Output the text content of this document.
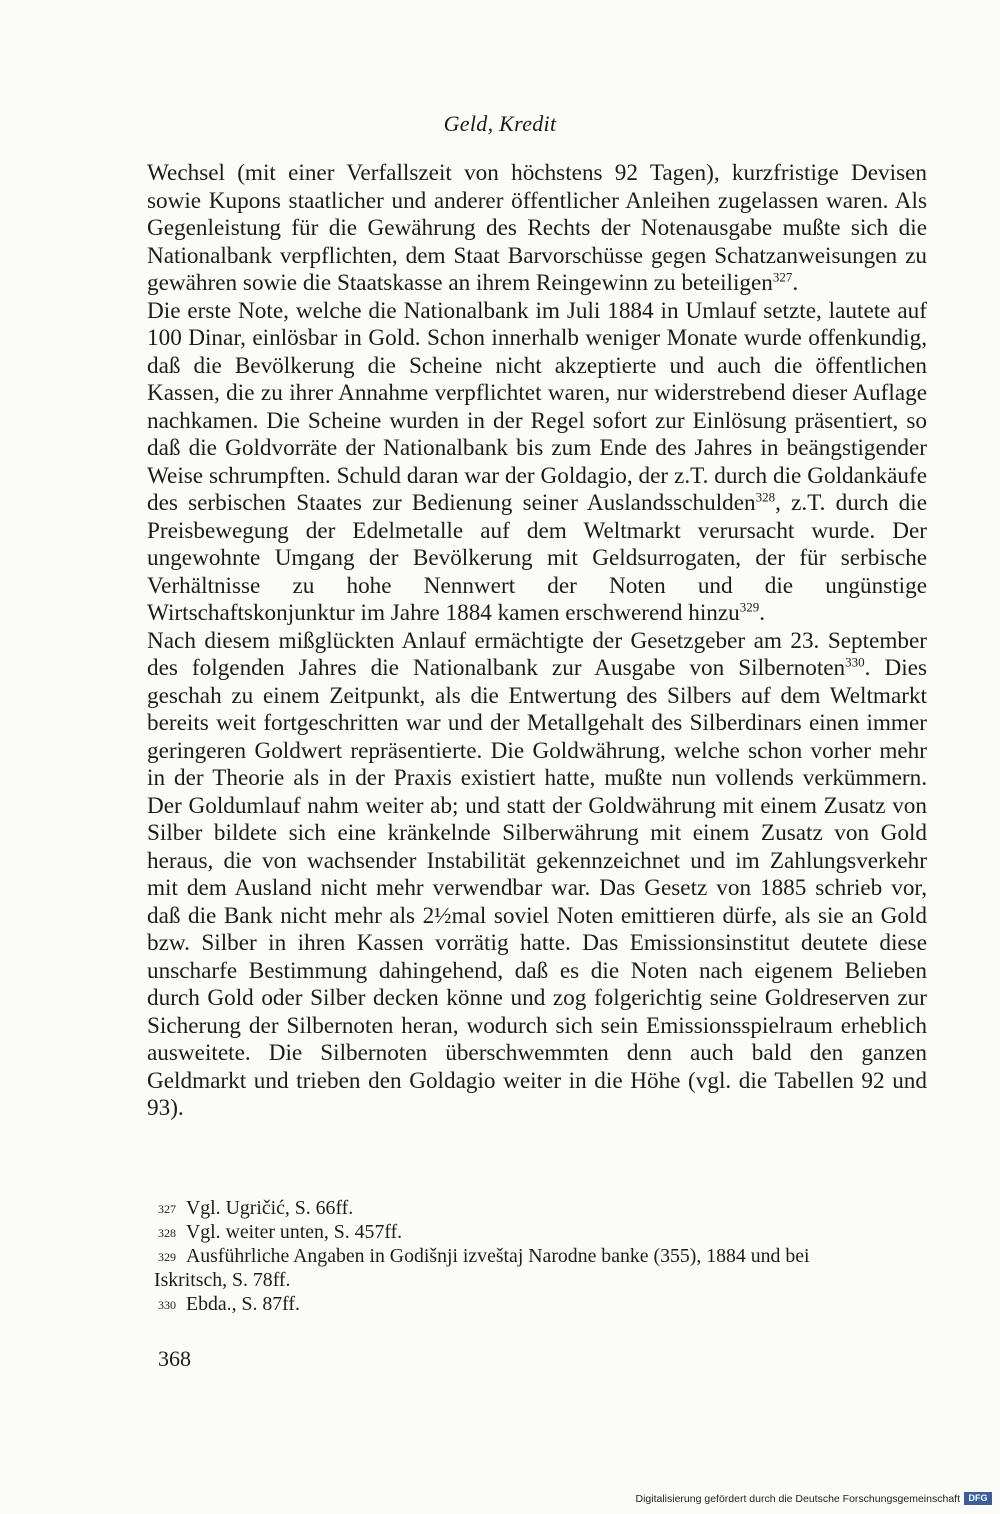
Geld, Kredit

Wechsel (mit einer Verfallszeit von höchstens 92 Tagen), kurzfristige Devisen sowie Kupons staatlicher und anderer öffentlicher Anleihen zugelassen waren. Als Gegenleistung für die Gewährung des Rechts der Notenausgabe mußte sich die Nationalbank verpflichten, dem Staat Barvorschüsse gegen Schatzanweisungen zu gewähren sowie die Staatskasse an ihrem Reingewinn zu beteiligen$^{327}$.

Die erste Note, welche die Nationalbank im Juli 1884 in Umlauf setzte, lautete auf 100 Dinar, einlösbar in Gold. Schon innerhalb weniger Monate wurde offenkundig, daß die Bevölkerung die Scheine nicht akzeptierte und auch die öffentlichen Kassen, die zu ihrer Annahme verpflichtet waren, nur widerstrebend dieser Auflage nachkamen. Die Scheine wurden in der Regel sofort zur Einlösung präsentiert, so daß die Goldvorräte der Nationalbank bis zum Ende des Jahres in beängstigender Weise schrumpften. Schuld daran war der Goldagio, der z.T. durch die Goldankäufe des serbischen Staates zur Bedienung seiner Auslandsschulden$^{328}$, z.T. durch die Preisbewegung der Edelmetalle auf dem Weltmarkt verursacht wurde. Der ungewohnte Umgang der Bevölkerung mit Geldsurrogaten, der für serbische Verhältnisse zu hohe Nennwert der Noten und die ungünstige Wirtschaftskonjunktur im Jahre 1884 kamen erschwerend hinzu$^{329}$.

Nach diesem mißglückten Anlauf ermächtigte der Gesetzgeber am 23. September des folgenden Jahres die Nationalbank zur Ausgabe von Silbernoten$^{330}$. Dies geschah zu einem Zeitpunkt, als die Entwertung des Silbers auf dem Weltmarkt bereits weit fortgeschritten war und der Metallgehalt des Silberdinars einen immer geringeren Goldwert repräsentierte. Die Goldwährung, welche schon vorher mehr in der Theorie als in der Praxis existiert hatte, mußte nun vollends verkümmern. Der Goldumlauf nahm weiter ab; und statt der Goldwährung mit einem Zusatz von Silber bildete sich eine kränkelnde Silberwährung mit einem Zusatz von Gold heraus, die von wachsender Instabilität gekennzeichnet und im Zahlungsverkehr mit dem Ausland nicht mehr verwendbar war. Das Gesetz von 1885 schrieb vor, daß die Bank nicht mehr als 2½mal soviel Noten emittieren dürfe, als sie an Gold bzw. Silber in ihren Kassen vorrätig hatte. Das Emissionsinstitut deutete diese unscharfe Bestimmung dahingehend, daß es die Noten nach eigenem Belieben durch Gold oder Silber decken könne und zog folgerichtig seine Goldreserven zur Sicherung der Silbernoten heran, wodurch sich sein Emissionsspielraum erheblich ausweitete. Die Silbernoten überschwemmten denn auch bald den ganzen Geldmarkt und trieben den Goldagio weiter in die Höhe (vgl. die Tabellen 92 und 93).

$^{327}$ Vgl. Ugričić, S. 66ff.

$^{328}$ Vgl. weiter unten, S. 457ff.

$^{329}$ Ausführliche Angaben in Godišnji izveštaj Narodne banke (355), 1884 und bei
Iskritsch, S. 78ff.

$^{330}$ Ebda., S. 87ff.

368
Digitalisierung gefördert durch die Deutsche Forschungsgemeinschaft DFG
